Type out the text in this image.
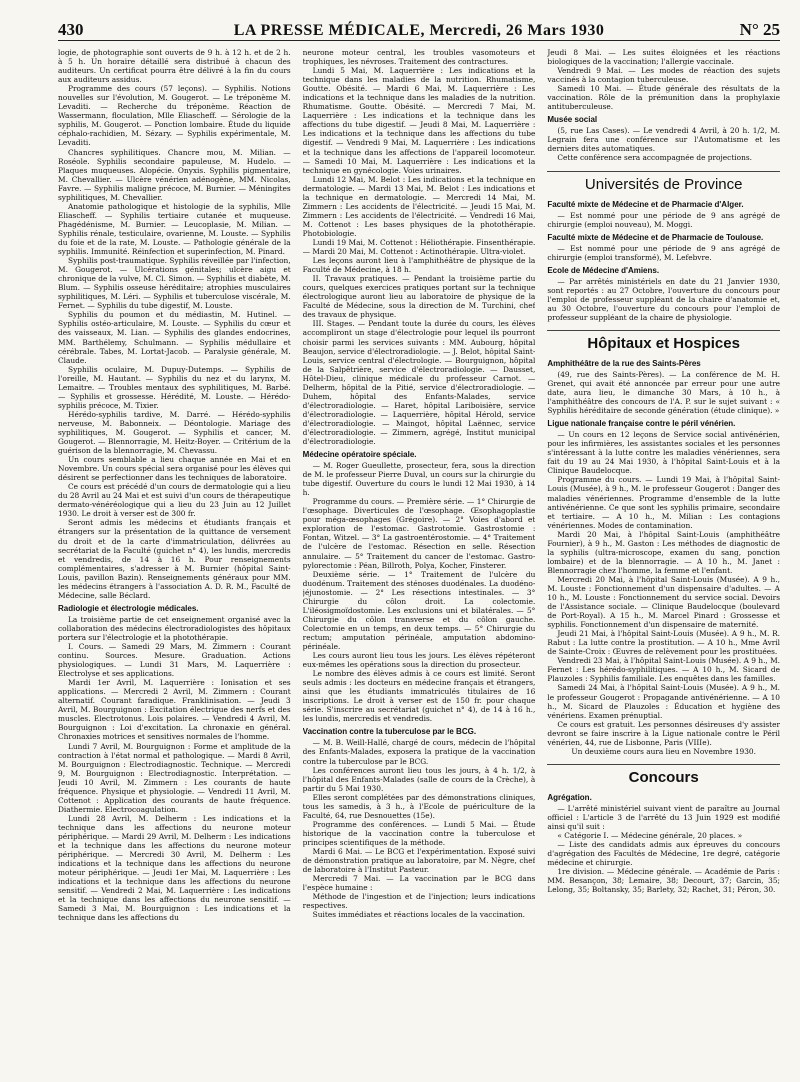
430	LA PRESSE MÉDICALE, Mercredi, 26 Mars 1930	N° 25

logie, de photographie sont ouverts de 9 h. à 12 h. et de 2 h. à 5 h. Un horaire détaillé sera distribué à chacun des auditeurs. Un certificat pourra être délivré à la fin du cours aux auditeurs assidus.

Programme des cours (57 leçons). — Syphilis. Notions nouvelles sur l'évolution, M. Gougerot. — Le tréponème M. Levaditi. — Recherche du tréponème. Réaction de Wassermann, floculation, Mlle Eliascheff. — Sérologie de la syphilis, M. Gougerot. — Ponction lombaire. Étude du liquide céphalo-rachidien, M. Sézary. — Syphilis expérimentale, M. Levaditi.

Chancres syphilitiques. Chancre mou, M. Milian. — Roséole. Syphilis secondaire papuleuse, M. Hudelo. — Plaques muqueuses. Alopécie. Onyxis. Syphilis pigmentaire, M. Chevallier. — Ulcère vénérien adénogène, MM. Nicolas, Favre. — Syphilis maligne précoce, M. Burnier. — Méningites syphilitiques, M. Chevallier.

Anatomie pathologique et histologie de la syphilis, Mlle Eliascheff. — Syphilis tertiaire cutanée et muqueuse. Phagédénisme, M. Burnier. — Leucoplasie, M. Milian. — Syphilis rénale, testiculaire, ovarienne, M. Louste. — Syphilis du foie et de la rate, M. Louste. — Pathologie générale de la syphilis. Immunité. Réinfection et superinfection, M. Pinard.

Syphilis post-traumatique. Syphilis réveillée par l'infection, M. Gougerot. — Ulcérations génitales; ulcère aigu et chronique de la vulve, M. Cl. Simon. — Syphilis et diabète, M. Blum. — Syphilis osseuse héréditaire; atrophies musculaires syphilitiques, M. Léri. — Syphilis et tuberculose viscérale, M. Fernet. — Syphilis du tube digestif, M. Louste.

Syphilis du poumon et du médiastin, M. Hutinel. — Syphilis ostéo-articulaire, M. Louste. — Syphilis du cœur et des vaisseaux, M. Lian. — Syphilis des glandes endocrines, MM. Barthélemy, Schulmann. — Syphilis médullaire et cérébrale. Tabes, M. Lortat-Jacob. — Paralysie générale, M. Claude.

Syphilis oculaire, M. Dupuy-Dutemps. — Syphilis de l'oreille, M. Hautant. — Syphilis du nez et du larynx, M. Lemaitre. — Troubles mentaux des syphilitiques, M. Barbé. — Syphilis et grossesse. Hérédité, M. Louste. — Hérédo-syphilis précoce, M. Tixier.

Hérédo-syphilis tardive, M. Darré. — Hérédo-syphilis nerveuse, M. Babonneix. — Déontologie. Mariage des syphilitiques, M. Gougerot. — Syphilis et cancer, M. Gougerot. — Blennorragie, M. Heitz-Boyer. — Critérium de la guérison de la blennorragie, M. Chevassu.

Un cours semblable a lieu chaque année en Mai et en Novembre. Un cours spécial sera organisé pour les élèves qui désirent se perfectionner dans les techniques de laboratoire.

Ce cours est précédé d'un cours de dermatologie qui a lieu du 28 Avril au 24 Mai et est suivi d'un cours de thérapeutique dermato-vénéréologique qui a lieu du 23 Juin au 12 Juillet 1930. Le droit à verser est de 300 fr.

Seront admis les médecins et étudiants français et étrangers sur la présentation de la quittance de versement du droit et de la carte d'immatriculation, délivrées au secrétariat de la Faculté (guichet n° 4), les lundis, mercredis et vendredis, de 14 à 16 h. Pour renseignements complémentaires, s'adresser à M. Burnier (hôpital Saint-Louis, pavillon Bazin). Renseignements généraux pour MM. les médecins étrangers à l'association A. D. R. M., Faculté de Médecine, salle Béclard.

Radiologie et électrologie médicales.

La troisième partie de cet enseignement organisé avec la collaboration des médecins électroradiologistes des hôpitaux portera sur l'électrologie et la photothérapie.

I. Cours. — Samedi 29 Mars, M. Zimmern : Courant continu. Sources. Mesure. Graduation. Actions physiologiques. — Lundi 31 Mars, M. Laquerrière : Electrolyse et ses applications.

Mardi 1er Avril, M. Laquerrière : Ionisation et ses applications. — Mercredi 2 Avril, M. Zimmern : Courant alternatif. Courant faradique. Franklinisation. — Jeudi 3 Avril, M. Bourguignon : Excitation électrique des nerfs et des muscles. Electrotonus. Lois polaires. — Vendredi 4 Avril, M. Bourguignon : Loi d'excitation. La chronaxie en général. Chronaxies motrices et sensitives normales de l'homme.

Lundi 7 Avril, M. Bourguignon : Forme et amplitude de la contraction à l'état normal et pathologique. — Mardi 8 Avril, M. Bourguignon : Electrodiagnostic. Technique. — Mercredi 9, M. Bourguignon : Electrodiagnostic. Interprétation. — Jeudi 10 Avril, M. Zimmern : Les courants de haute fréquence. Physique et physiologie. — Vendredi 11 Avril, M. Cottenot : Application des courants de haute fréquence. Diathermie. Electrocoagulation.

Lundi 28 Avril, M. Delherm : Les indications et la technique dans les affections du neurone moteur périphérique. — Mardi 29 Avril, M. Delherm : Les indications et la technique dans les affections du neurone moteur périphérique. — Mercredi 30 Avril, M. Delherm : Les indications et la technique dans les affections du neurone moteur périphérique. — Jeudi 1er Mai, M. Laquerrière : Les indications et la technique dans les affections du neurone sensitif. — Vendredi 2 Mai, M. Laquerrière : Les indications et la technique dans les affections du neurone sensitif. — Samedi 3 Mai, M. Bourguignon : Les indications et la technique dans les affections du

neurone moteur central, les troubles vasomoteurs et trophiques, les névroses. Traitement des contractures.

Lundi 5 Mai, M. Laquerrière : Les indications et la technique dans les maladies de la nutrition. Rhumatisme, Goutte. Obésité. — Mardi 6 Mai, M. Laquerrière : Les indications et la technique dans les maladies de la nutrition. Rhumatisme. Goutte. Obésité. — Mercredi 7 Mai, M. Laquerrière : Les indications et la technique dans les affections du tube digestif. — Jeudi 8 Mai, M. Laquerrière : Les indications et la technique dans les affections du tube digestif. — Vendredi 9 Mai, M. Laquerrière : Les indications et la technique dans les affections de l'appareil locomoteur. — Samedi 10 Mai, M. Laquerrière : Les indications et la technique en gynécologie. Voies urinaires.

Lundi 12 Mai, M. Belot : Les indications et la technique en dermatologie. — Mardi 13 Mai, M. Belot : Les indications et la technique en dermatologie. — Mercredi 14 Mai, M. Zimmern : Les accidents de l'électricité. — Jeudi 15 Mai, M. Zimmern : Les accidents de l'électricité. — Vendredi 16 Mai, M. Cottenot : Les bases physiques de la photothérapie. Photobiologie.

Lundi 19 Mai, M. Cottenot : Héliothérapie. Finsenthérapie. — Mardi 20 Mai, M. Cottenot : Actinothérapie. Ultra-violet.

Les leçons auront lieu à l'amphithéâtre de physique de la Faculté de Médecine, à 18 h.

II. Travaux pratiques. — Pendant la troisième partie du cours, quelques exercices pratiques portant sur la technique électrologique auront lieu au laboratoire de physique de la Faculté de Médecine, sous la direction de M. Turchini, chef des travaux de physique.

III. Stages. — Pendant toute la durée du cours, les élèves accompliront un stage d'électrologie pour lequel ils pourront choisir parmi les services suivants : MM. Aubourg, hôpital Beaujon, service d'électroradiologie. — J. Belot, hôpital Saint-Louis, service central d'électrologie. — Bourguignon, hôpital de la Salpêtrière, service d'électroradiologie. — Dausset, Hôtel-Dieu, clinique médicale du professeur Carnot. — Delherm, hôpital de la Pitié, service d'électroradiologie. — Duhem, hôpital des Enfants-Malades, service d'électroradiologie. — Haret, hôpital Lariboisière, service d'électroradiologie. — Laquerrière, hôpital Hérold, service d'électroradiologie. — Maingot, hôpital Laënnec, service d'électroradiologie. — Zimmern, agrégé, Institut municipal d'électroradiologie.

Médecine opératoire spéciale.

— M. Roger Gueullette, prosecteur, fera, sous la direction de M. le professeur Pierre Duval, un cours sur la chirurgie du tube digestif. Ouverture du cours le lundi 12 Mai 1930, à 14 h.

Programme du cours. — Première série. — 1° Chirurgie de l'œsophage. Diverticules de l'œsophage. Œsophagoplastie pour méga-œsophages (Grégoire). — 2° Voies d'abord et exploration de l'estomac. Gastrotomie. Gastrostomie : Fontan, Witzel. — 3° La gastroentérostomie. — 4° Traitement de l'ulcère de l'estomac. Résection en selle. Résection annulaire. — 5° Traitement du cancer de l'estomac. Gastro-pylorectomie : Péan, Billroth, Polya, Kocher, Finsterer.

Deuxième série. — 1° Traitement de l'ulcère du duodénum. Traitement des sténoses duodénales. La duodéno-jéjunostomie. — 2° Les résections intestinales. — 3° Chirurgie du côlon droit. La colectomie. L'iléosigmoïdostomie. Les exclusions uni et bilatérales. — 5° Chirurgie du côlon transverse et du côlon gauche. Colectomie en un temps, en deux temps. — 5° Chirurgie du rectum; amputation périnéale, amputation abdomino-périnéale.

Les cours auront lieu tous les jours. Les élèves répéteront eux-mêmes les opérations sous la direction du prosecteur.

Le nombre des élèves admis à ce cours est limité. Seront seuls admis : les docteurs en médecine français et étrangers, ainsi que les étudiants immatriculés titulaires de 16 inscriptions. Le droit à verser est de 150 fr. pour chaque série. S'inscrire au secrétariat (guichet n° 4), de 14 à 16 h., les lundis, mercredis et vendredis.

Vaccination contre la tuberculose par le BCG.

— M. B. Weill-Hallé, chargé de cours, médecin de l'hôpital des Enfants-Malades, exposera la pratique de la vaccination contre la tuberculose par le BCG.

Les conférences auront lieu tous les jours, à 4 h. 1/2, à l'hôpital des Enfants-Malades (salle de cours de la Crèche), à partir du 5 Mai 1930.

Elles seront complétées par des démonstrations cliniques, tous les samedis, à 3 h., à l'Ecole de puériculture de la Faculté, 64, rue Desnouettes (15e).

Programme des conférences. — Lundi 5 Mai. — Étude historique de la vaccination contre la tuberculose et principes scientifiques de la méthode.

Mardi 6 Mai. — Le BCG et l'expérimentation. Exposé suivi de démonstration pratique au laboratoire, par M. Nègre, chef de laboratoire à l'Institut Pasteur.

Mercredi 7 Mai. — La vaccination par le BCG dans l'espèce humaine :

Méthode de l'ingestion et de l'injection; leurs indications respectives.

Suites immédiates et réactions locales de la vaccination.

Jeudi 8 Mai. — Les suites éloignées et les réactions biologiques de la vaccination; l'allergie vaccinale.

Vendredi 9 Mai. — Les modes de réaction des sujets vaccinés à la contagion tuberculeuse.

Samedi 10 Mai. — Étude générale des résultats de la vaccination. Rôle de la prémunition dans la prophylaxie antituberculeuse.

Musée social

(5, rue Las Cases). — Le vendredi 4 Avril, à 20 h. 1/2, M. Legrain fera une conférence sur l'Automatisme et les derniers dites automatiques.

Cette conférence sera accompagnée de projections.

Universités de Province
Faculté mixte de Médecine et de Pharmacie d'Alger.

— Est nommé pour une période de 9 ans agrégé de chirurgie (emploi nouveau), M. Moggi.

Faculté mixte de Médecine et de Pharmacie de Toulouse.

— Est nommé pour une période de 9 ans agrégé de chirurgie (emploi transformé), M. Lefebvre.

Ecole de Médecine d'Amiens.

— Par arrêtés ministériels en date du 21 Janvier 1930, sont reportés : au 27 Octobre, l'ouverture du concours pour l'emploi de professeur suppléant de la chaire d'anatomie et, au 30 Octobre, l'ouverture du concours pour l'emploi de professeur suppléant de la chaire de physiologie.

Hôpitaux et Hospices
Amphithéâtre de la rue des Saints-Pères

(49, rue des Saints-Pères). — La conférence de M. H. Grenet, qui avait été annoncée par erreur pour une autre date, aura lieu, le dimanche 30 Mars, à 10 h., à l'amphithéâtre des concours de l'A. P. sur le sujet suivant : « Syphilis héréditaire de seconde génération (étude clinique). »

Ligue nationale française contre le péril vénérien.

— Un cours en 12 leçons de Service social antivénérien, pour les infirmières, les assistantes sociales et les personnes s'intéressant à la lutte contre les maladies vénériennes, sera fait du 19 au 24 Mai 1930, à l'hôpital Saint-Louis et à la Clinique Baudelocque.

Programme du cours. — Lundi 19 Mai, à l'hôpital Saint-Louis (Musée), à 9 h., M. le professeur Gougerot : Danger des maladies vénériennes. Programme d'ensemble de la lutte antivénérienne. Ce que sont les syphilis primaire, secondaire et tertiaire. — A 10 h., M. Milian : Les contagions vénériennes. Modes de contamination.

Mardi 20 Mai, à l'hôpital Saint-Louis (amphithéâtre Fournier), à 9 h., M. Gaston : Les méthodes de diagnostic de la syphilis (ultra-microscope, examen du sang, ponction lombaire) et de la blennorragie. — A 10 h., M. Janet : Blennorragie chez l'homme, la femme et l'enfant.

Mercredi 20 Mai, à l'hôpital Saint-Louis (Musée). A 9 h., M. Louste : Fonctionnement d'un dispensaire d'adultes. — A 10 h., M. Louste : Fonctionnement du service social. Devoirs de l'Assistance sociale. — Clinique Baudelocque (boulevard de Port-Royal). A 15 h., M. Marcel Pinard : Grossesse et syphilis. Fonctionnement d'un dispensaire de maternité.

Jeudi 21 Mai, à l'hôpital Saint-Louis (Musée). A 9 h., M. R. Rabut : La lutte contre la prostitution. — A 10 h., Mme Avril de Sainte-Croix : Œuvres de relèvement pour les prostituées.

Vendredi 23 Mai, à l'hôpital Saint-Louis (Musée). A 9 h., M. Fernet : Les hérédo-syphilitiques. — A 10 h., M. Sicard de Plauzoles : Syphilis familiale. Les enquêtes dans les familles.

Samedi 24 Mai, à l'hôpital Saint-Louis (Musée). A 9 h., M. le professeur Gougerot : Propagande antivénérienne. — A 10 h., M. Sicard de Plauzoles : Éducation et hygiène des vénériens. Examen prénuptial.

Ce cours est gratuit. Les personnes désireuses d'y assister devront se faire inscrire à la Ligue nationale contre le Péril vénérien, 44, rue de Lisbonne, Paris (VIIIe).

Un deuxième cours aura lieu en Novembre 1930.

Concours
Agrégation.

— L'arrêté ministériel suivant vient de paraître au Journal officiel : L'article 3 de l'arrêté du 13 Juin 1929 est modifié ainsi qu'il suit :

« Catégorie I. — Médecine générale, 20 places. »

— Liste des candidats admis aux épreuves du concours d'agrégation des Facultés de Médecine, 1re degré, catégorie médecine et chirurgie.

1re division. — Médecine générale. — Académie de Paris : MM. Besançon, 38; Lemaire, 38; Decourt, 37; Garcin, 35; Lelong, 35; Boltansky, 35; Barlety, 32; Rachet, 31; Péron, 30.
